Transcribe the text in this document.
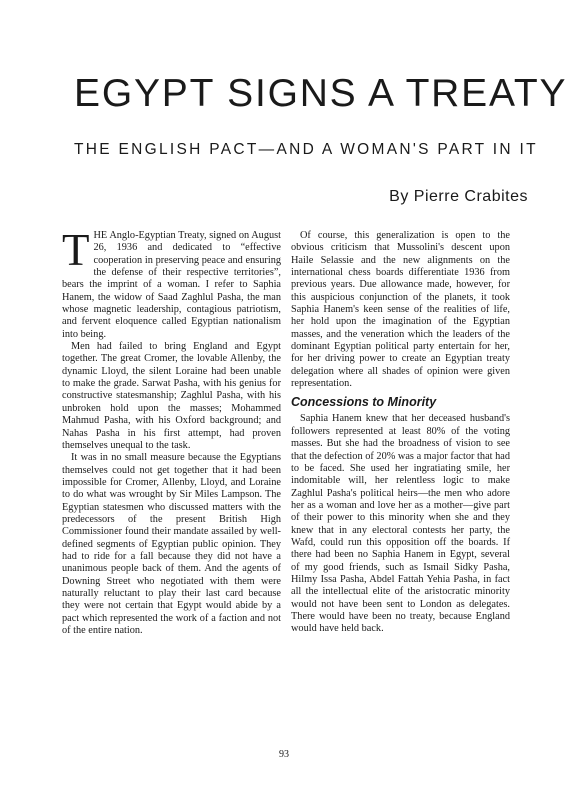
EGYPT SIGNS A TREATY
THE ENGLISH PACT—AND A WOMAN'S PART IN IT
By Pierre Crabites

THE Anglo-Egyptian Treaty, signed on August 26, 1936 and dedicated to “effective cooperation in preserving peace and ensuring the defense of their respective territories”, bears the imprint of a woman. I refer to Saphia Hanem, the widow of Saad Zaghlul Pasha, the man whose magnetic leadership, contagious patriotism, and fervent eloquence called Egyptian nationalism into being.

Men had failed to bring England and Egypt together. The great Cromer, the lovable Allenby, the dynamic Lloyd, the silent Loraine had been unable to make the grade. Sarwat Pasha, with his genius for constructive statesmanship; Zaghlul Pasha, with his unbroken hold upon the masses; Mohammed Mahmud Pasha, with his Oxford background; and Nahas Pasha in his first attempt, had proven themselves unequal to the task.

It was in no small measure because the Egyptians themselves could not get together that it had been impossible for Cromer, Allenby, Lloyd, and Loraine to do what was wrought by Sir Miles Lampson. The Egyptian statesmen who discussed matters with the predecessors of the present British High Commissioner found their mandate assailed by well-defined segments of Egyptian public opinion. They had to ride for a fall because they did not have a unanimous people back of them. And the agents of Downing Street who negotiated with them were naturally reluctant to play their last card because they were not certain that Egypt would abide by a pact which represented the work of a faction and not of the entire nation.

Of course, this generalization is open to the obvious criticism that Mussolini's descent upon Haile Selassie and the new alignments on the international chess boards differentiate 1936 from previous years. Due allowance made, however, for this auspicious conjunction of the planets, it took Saphia Hanem's keen sense of the realities of life, her hold upon the imagination of the Egyptian masses, and the veneration which the leaders of the dominant Egyptian political party entertain for her, for her driving power to create an Egyptian treaty delegation where all shades of opinion were given representation.

Concessions to Minority

Saphia Hanem knew that her deceased husband's followers represented at least 80% of the voting masses. But she had the broadness of vision to see that the defection of 20% was a major factor that had to be faced. She used her ingratiating smile, her indomitable will, her relentless logic to make Zaghlul Pasha's political heirs—the men who adore her as a woman and love her as a mother—give part of their power to this minority when she and they knew that in any electoral contests her party, the Wafd, could run this opposition off the boards. If there had been no Saphia Hanem in Egypt, several of my good friends, such as Ismail Sidky Pasha, Hilmy Issa Pasha, Abdel Fattah Yehia Pasha, in fact all the intellectual elite of the aristocratic minority would not have been sent to London as delegates. There would have been no treaty, because England would have held back.

93
